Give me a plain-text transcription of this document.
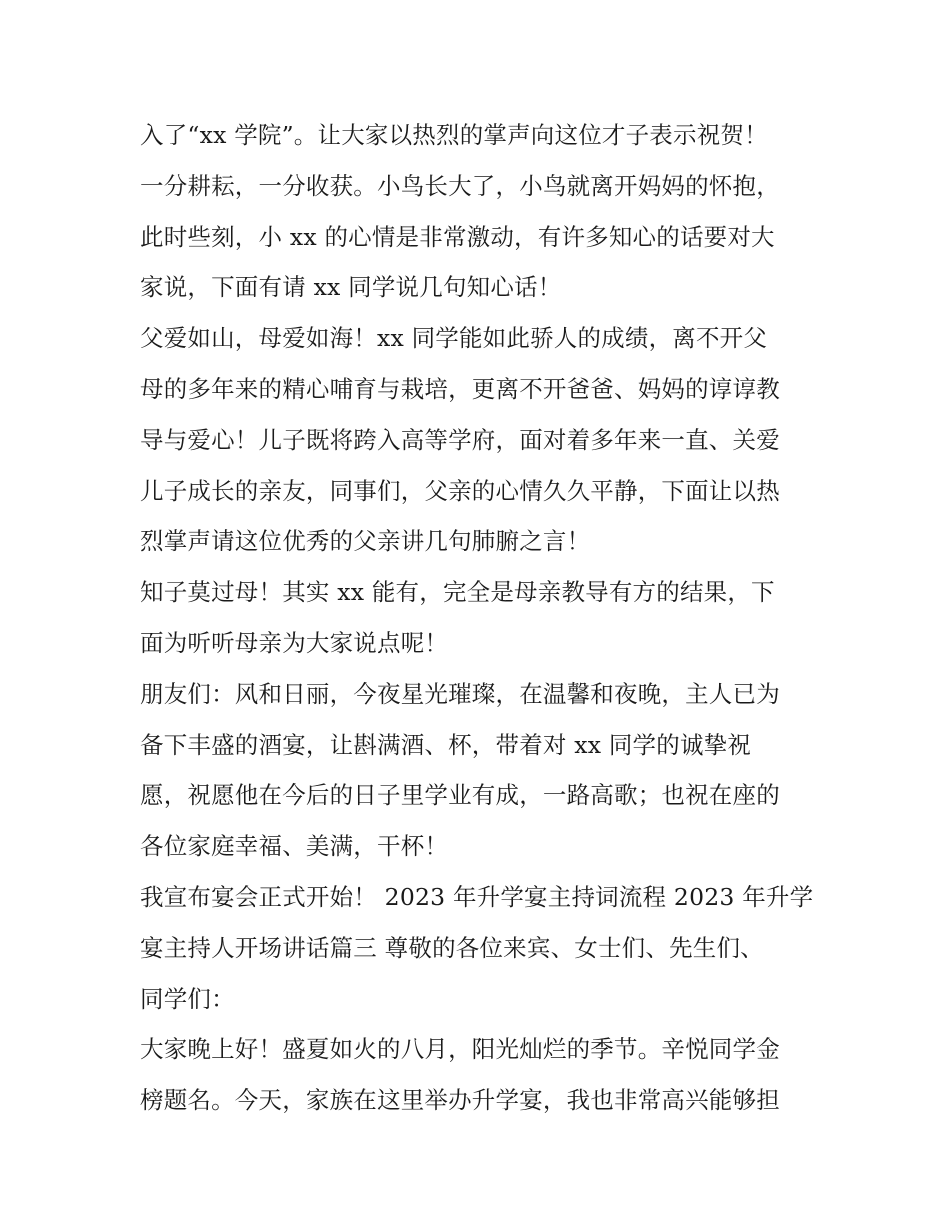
入了“xx 学院”。让大家以热烈的掌声向这位才子表示祝贺！
一分耕耘，一分收获。小鸟长大了，小鸟就离开妈妈的怀抱，
此时些刻，小 xx 的心情是非常激动，有许多知心的话要对大
家说，下面有请 xx 同学说几句知心话！
父爱如山，母爱如海！xx 同学能如此骄人的成绩，离不开父
母的多年来的精心哺育与栽培，更离不开爸爸、妈妈的谆谆教
导与爱心！儿子既将跨入高等学府，面对着多年来一直、关爱
儿子成长的亲友，同事们，父亲的心情久久平静，下面让以热
烈掌声请这位优秀的父亲讲几句肺腑之言！
知子莫过母！其实 xx 能有，完全是母亲教导有方的结果，下
面为听听母亲为大家说点呢！
朋友们：风和日丽，今夜星光璀璨，在温馨和夜晚，主人已为
备下丰盛的酒宴，让斟满酒、杯，带着对 xx 同学的诚挚祝
愿，祝愿他在今后的日子里学业有成，一路高歌；也祝在座的
各位家庭幸福、美满，干杯！
我宣布宴会正式开始！ 2023 年升学宴主持词流程 2023 年升学
宴主持人开场讲话篇三 尊敬的各位来宾、女士们、先生们、
同学们：
大家晚上好！盛夏如火的八月，阳光灿烂的季节。辛悦同学金
榜题名。今天，家族在这里举办升学宴，我也非常高兴能够担
